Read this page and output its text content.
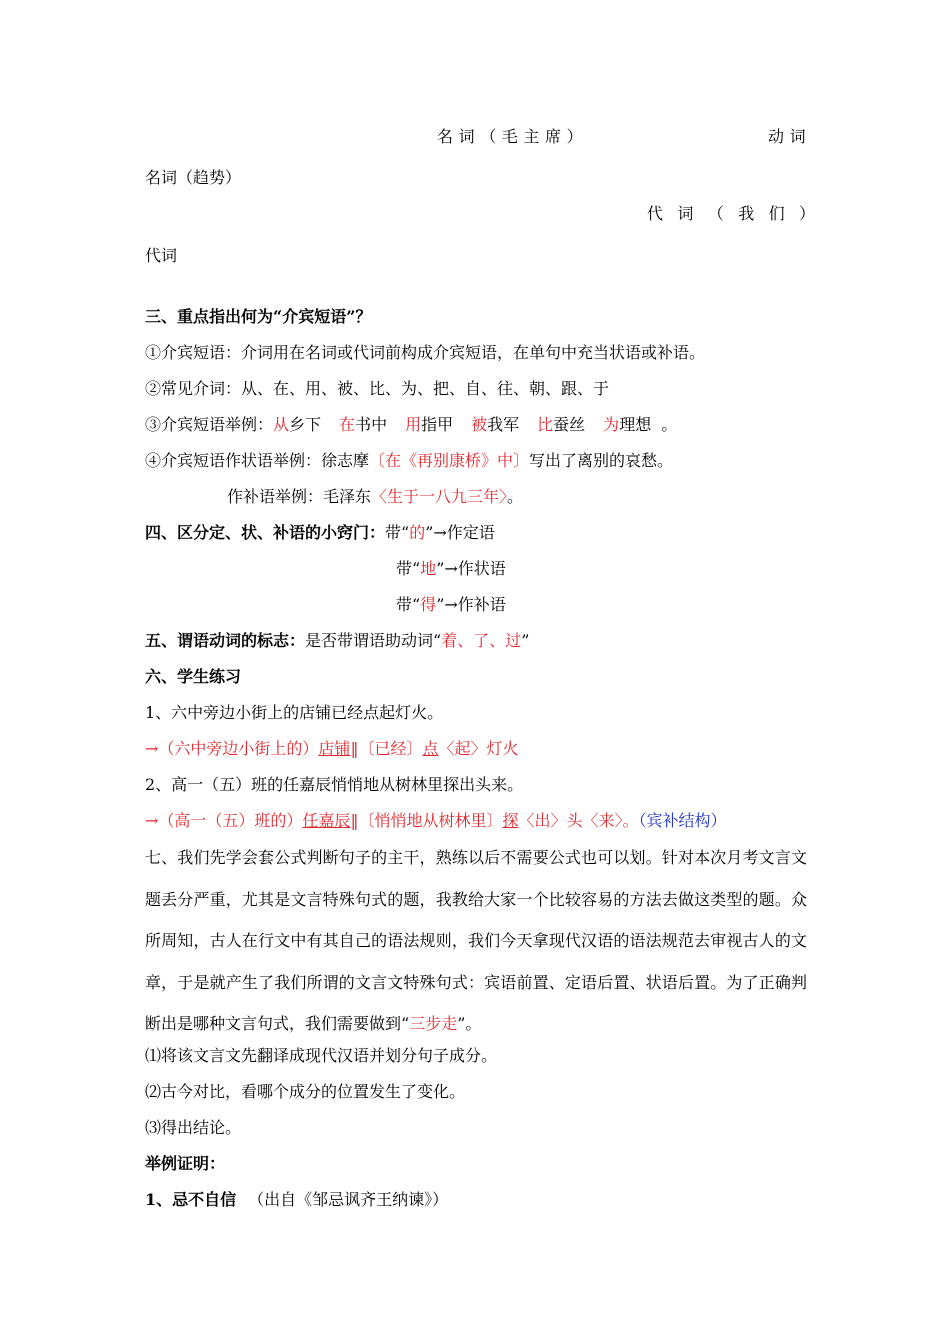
名词（毛主席）	动词
名词（趋势）
代词（我们）
代词
三、重点指出何为“介宾短语”？
①介宾短语：介词用在名词或代词前构成介宾短语，在单句中充当状语或补语。
②常见介词：从、在、用、被、比、为、把、自、往、朝、跟、于
③介宾短语举例：从乡下 在书中 用指甲 被我军 比蚕丝 为理想 。
④介宾短语作状语举例：徐志摩〔在《再别康桥》中〕写出了离别的哀愁。
作补语举例：毛泽东〈生于一八九三年〉。
四、区分定、状、补语的小窍门：带“的”→作定语
带“地”→作状语
带“得”→作补语
五、谓语动词的标志：是否带谓语助动词“着、了、过”
六、学生练习
1、六中旁边小街上的店铺已经点起灯火。
→（六中旁边小街上的）店铺‖〔已经〕点〈起〉灯火
2、高一（五）班的任嘉辰悄悄地从树林里探出头来。
→（高一（五）班的）任嘉辰‖〔悄悄地从树林里〕探〈出〉头〈来〉。（宾补结构）
七、我们先学会套公式判断句子的主干，熟练以后不需要公式也可以划。针对本次月考文言文题丢分严重，尤其是文言特殊句式的题，我教给大家一个比较容易的方法去做这类型的题。众所周知，古人在行文中有其自己的语法规则，我们今天拿现代汉语的语法规范去审视古人的文章，于是就产生了我们所谓的文言文特殊句式：宾语前置、定语后置、状语后置。为了正确判断出是哪种文言句式，我们需要做到“三步走”。
⑴将该文言文先翻译成现代汉语并划分句子成分。
⑵古今对比，看哪个成分的位置发生了变化。
⑶得出结论。
举例证明：
1、忌不自信 （出自《邹忌讽齐王纳谏》）
